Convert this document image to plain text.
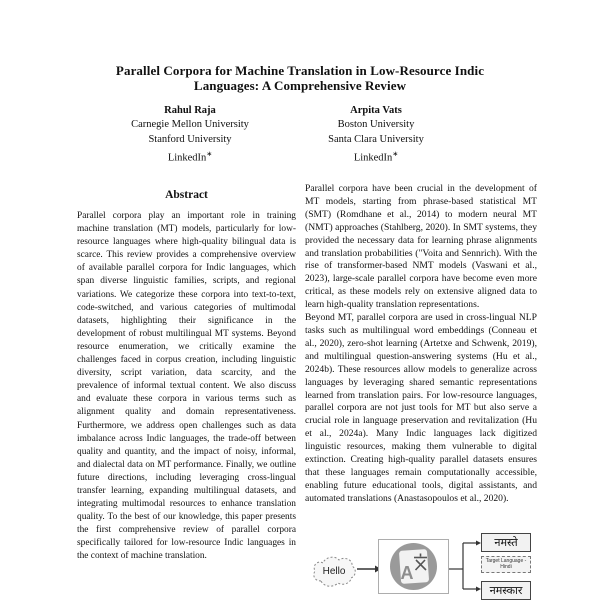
Parallel Corpora for Machine Translation in Low-Resource Indic Languages: A Comprehensive Review
Rahul Raja
Carnegie Mellon University
Stanford University
LinkedIn∗
Arpita Vats
Boston University
Santa Clara University
LinkedIn∗
Abstract

Parallel corpora play an important role in training machine translation (MT) models, particularly for low-resource languages where high-quality bilingual data is scarce. This review provides a comprehensive overview of available parallel corpora for Indic languages, which span diverse linguistic families, scripts, and regional variations. We categorize these corpora into text-to-text, code-switched, and various categories of multimodal datasets, highlighting their significance in the development of robust multilingual MT systems. Beyond resource enumeration, we critically examine the challenges faced in corpus creation, including linguistic diversity, script variation, data scarcity, and the prevalence of informal textual content. We also discuss and evaluate these corpora in various terms such as alignment quality and domain representativeness. Furthermore, we address open challenges such as data imbalance across Indic languages, the trade-off between quality and quantity, and the impact of noisy, informal, and dialectal data on MT performance. Finally, we outline future directions, including leveraging cross-lingual transfer learning, expanding multilingual datasets, and integrating multimodal resources to enhance translation quality. To the best of our knowledge, this paper presents the first comprehensive review of parallel corpora specifically tailored for low-resource Indic languages in the context of machine translation.

Parallel corpora have been crucial in the development of MT models, starting from phrase-based statistical MT (SMT) (Romdhane et al., 2014) to modern neural MT (NMT) approaches (Stahlberg, 2020). In SMT systems, they provided the necessary data for learning phrase alignments and translation probabilities ("Voita and Sennrich). With the rise of transformer-based NMT models (Vaswani et al., 2023), large-scale parallel corpora have become even more critical, as these models rely on extensive aligned data to learn high-quality translation representations.

Beyond MT, parallel corpora are used in cross-lingual NLP tasks such as multilingual word embeddings (Conneau et al., 2020), zero-shot learning (Artetxe and Schwenk, 2019), and multilingual question-answering systems (Hu et al., 2024b). These resources allow models to generalize across languages by leveraging shared semantic representations learned from translation pairs. For low-resource languages, parallel corpora are not just tools for MT but also serve a crucial role in language preservation and revitalization (Hu et al., 2024a). Many Indic languages lack digitized linguistic resources, making them vulnerable to digital extinction. Creating high-quality parallel datasets ensures that these languages remain computationally accessible, enabling future educational tools, digital assistants, and automated translations (Anastasopoulos et al., 2020).

Hello	A
नमस्ते
Target Language - Hindi
नमस्कार
